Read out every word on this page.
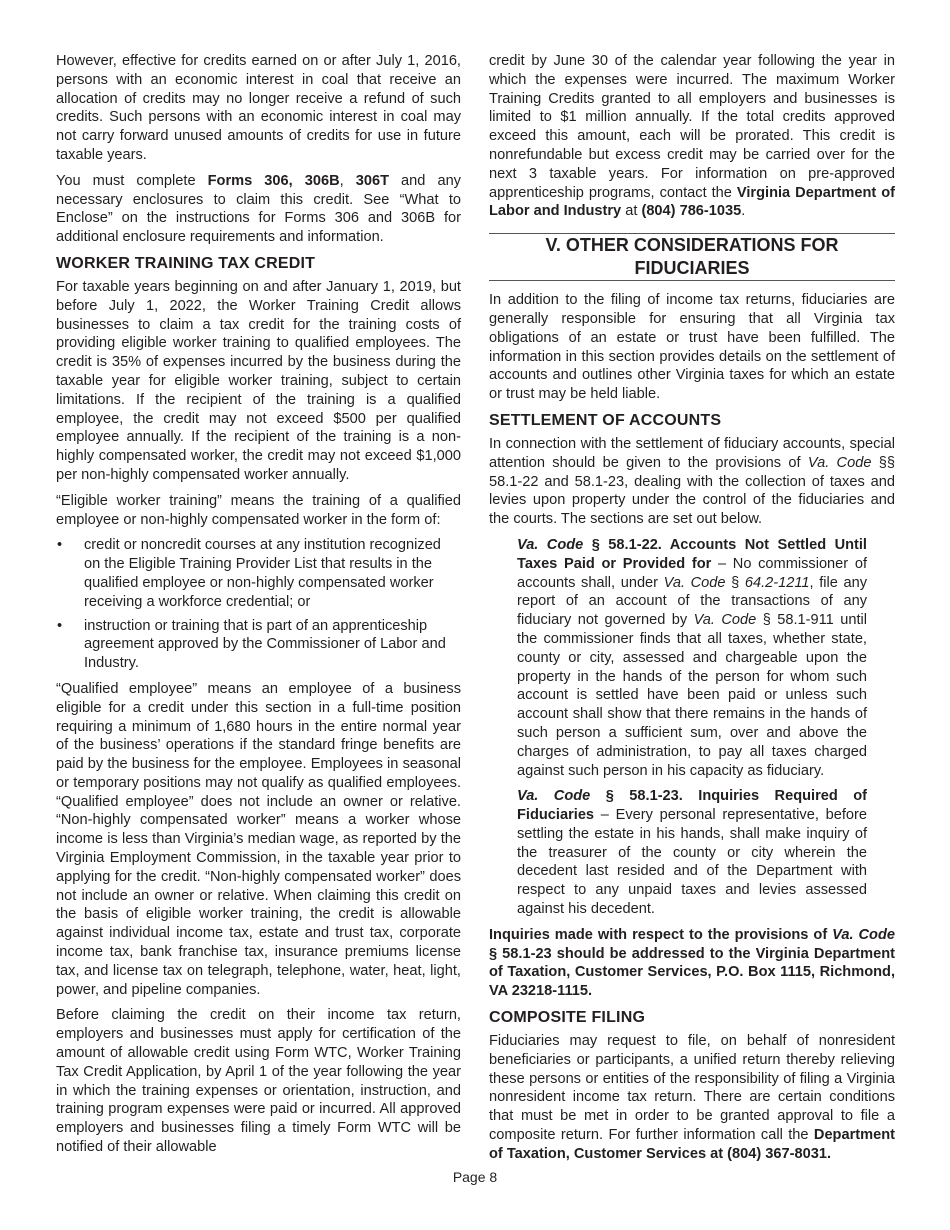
However, effective for credits earned on or after July 1, 2016, persons with an economic interest in coal that receive an allocation of credits may no longer receive a refund of such credits. Such persons with an economic interest in coal may not carry forward unused amounts of credits for use in future taxable years.

You must complete Forms 306, 306B, 306T and any necessary enclosures to claim this credit. See “What to Enclose” on the instructions for Forms 306 and 306B for additional enclosure requirements and information.

WORKER TRAINING TAX CREDIT

For taxable years beginning on and after January 1, 2019, but before July 1, 2022, the Worker Training Credit allows businesses to claim a tax credit for the training costs of providing eligible worker training to qualified employees. The credit is 35% of expenses incurred by the business during the taxable year for eligible worker training, subject to certain limitations. If the recipient of the training is a qualified employee, the credit may not exceed $500 per qualified employee annually. If the recipient of the training is a non-highly compensated worker, the credit may not exceed $1,000 per non-highly compensated worker annually.

“Eligible worker training” means the training of a qualified employee or non-highly compensated worker in the form of:

• credit or noncredit courses at any institution recognized on the Eligible Training Provider List that results in the qualified employee or non-highly compensated worker receiving a workforce credential; or
• instruction or training that is part of an apprenticeship agreement approved by the Commissioner of Labor and Industry.

“Qualified employee” means an employee of a business eligible for a credit under this section in a full-time position requiring a minimum of 1,680 hours in the entire normal year of the business’ operations if the standard fringe benefits are paid by the business for the employee. Employees in seasonal or temporary positions may not qualify as qualified employees. “Qualified employee” does not include an owner or relative. “Non-highly compensated worker” means a worker whose income is less than Virginia’s median wage, as reported by the Virginia Employment Commission, in the taxable year prior to applying for the credit. “Non-highly compensated worker” does not include an owner or relative. When claiming this credit on the basis of eligible worker training, the credit is allowable against individual income tax, estate and trust tax, corporate income tax, bank franchise tax, insurance premiums license tax, and license tax on telegraph, telephone, water, heat, light, power, and pipeline companies.

Before claiming the credit on their income tax return, employers and businesses must apply for certification of the amount of allowable credit using Form WTC, Worker Training Tax Credit Application, by April 1 of the year following the year in which the training expenses or orientation, instruction, and training program expenses were paid or incurred. All approved employers and businesses filing a timely Form WTC will be notified of their allowable

credit by June 30 of the calendar year following the year in which the expenses were incurred. The maximum Worker Training Credits granted to all employers and businesses is limited to $1 million annually. If the total credits approved exceed this amount, each will be prorated. This credit is nonrefundable but excess credit may be carried over for the next 3 taxable years. For information on pre-approved apprenticeship programs, contact the Virginia Department of Labor and Industry at (804) 786-1035.

V. OTHER CONSIDERATIONS FOR FIDUCIARIES

In addition to the filing of income tax returns, fiduciaries are generally responsible for ensuring that all Virginia tax obligations of an estate or trust have been fulfilled. The information in this section provides details on the settlement of accounts and outlines other Virginia taxes for which an estate or trust may be held liable.

SETTLEMENT OF ACCOUNTS

In connection with the settlement of fiduciary accounts, special attention should be given to the provisions of Va. Code §§ 58.1-22 and 58.1-23, dealing with the collection of taxes and levies upon property under the control of the fiduciaries and the courts. The sections are set out below.

Va. Code § 58.1-22. Accounts Not Settled Until Taxes Paid or Provided for – No commissioner of accounts shall, under Va. Code § 64.2-1211, file any report of an account of the transactions of any fiduciary not governed by Va. Code § 58.1-911 until the commissioner finds that all taxes, whether state, county or city, assessed and chargeable upon the property in the hands of the person for whom such account is settled have been paid or unless such account shall show that there remains in the hands of such person a sufficient sum, over and above the charges of administration, to pay all taxes charged against such person in his capacity as fiduciary.

Va. Code § 58.1-23. Inquiries Required of Fiduciaries – Every personal representative, before settling the estate in his hands, shall make inquiry of the treasurer of the county or city wherein the decedent last resided and of the Department with respect to any unpaid taxes and levies assessed against his decedent.

Inquiries made with respect to the provisions of Va. Code § 58.1-23 should be addressed to the Virginia Department of Taxation, Customer Services, P.O. Box 1115, Richmond, VA 23218-1115.

COMPOSITE FILING

Fiduciaries may request to file, on behalf of nonresident beneficiaries or participants, a unified return thereby relieving these persons or entities of the responsibility of filing a Virginia nonresident income tax return. There are certain conditions that must be met in order to be granted approval to file a composite return. For further information call the Department of Taxation, Customer Services at (804) 367-8031.

Page 8
